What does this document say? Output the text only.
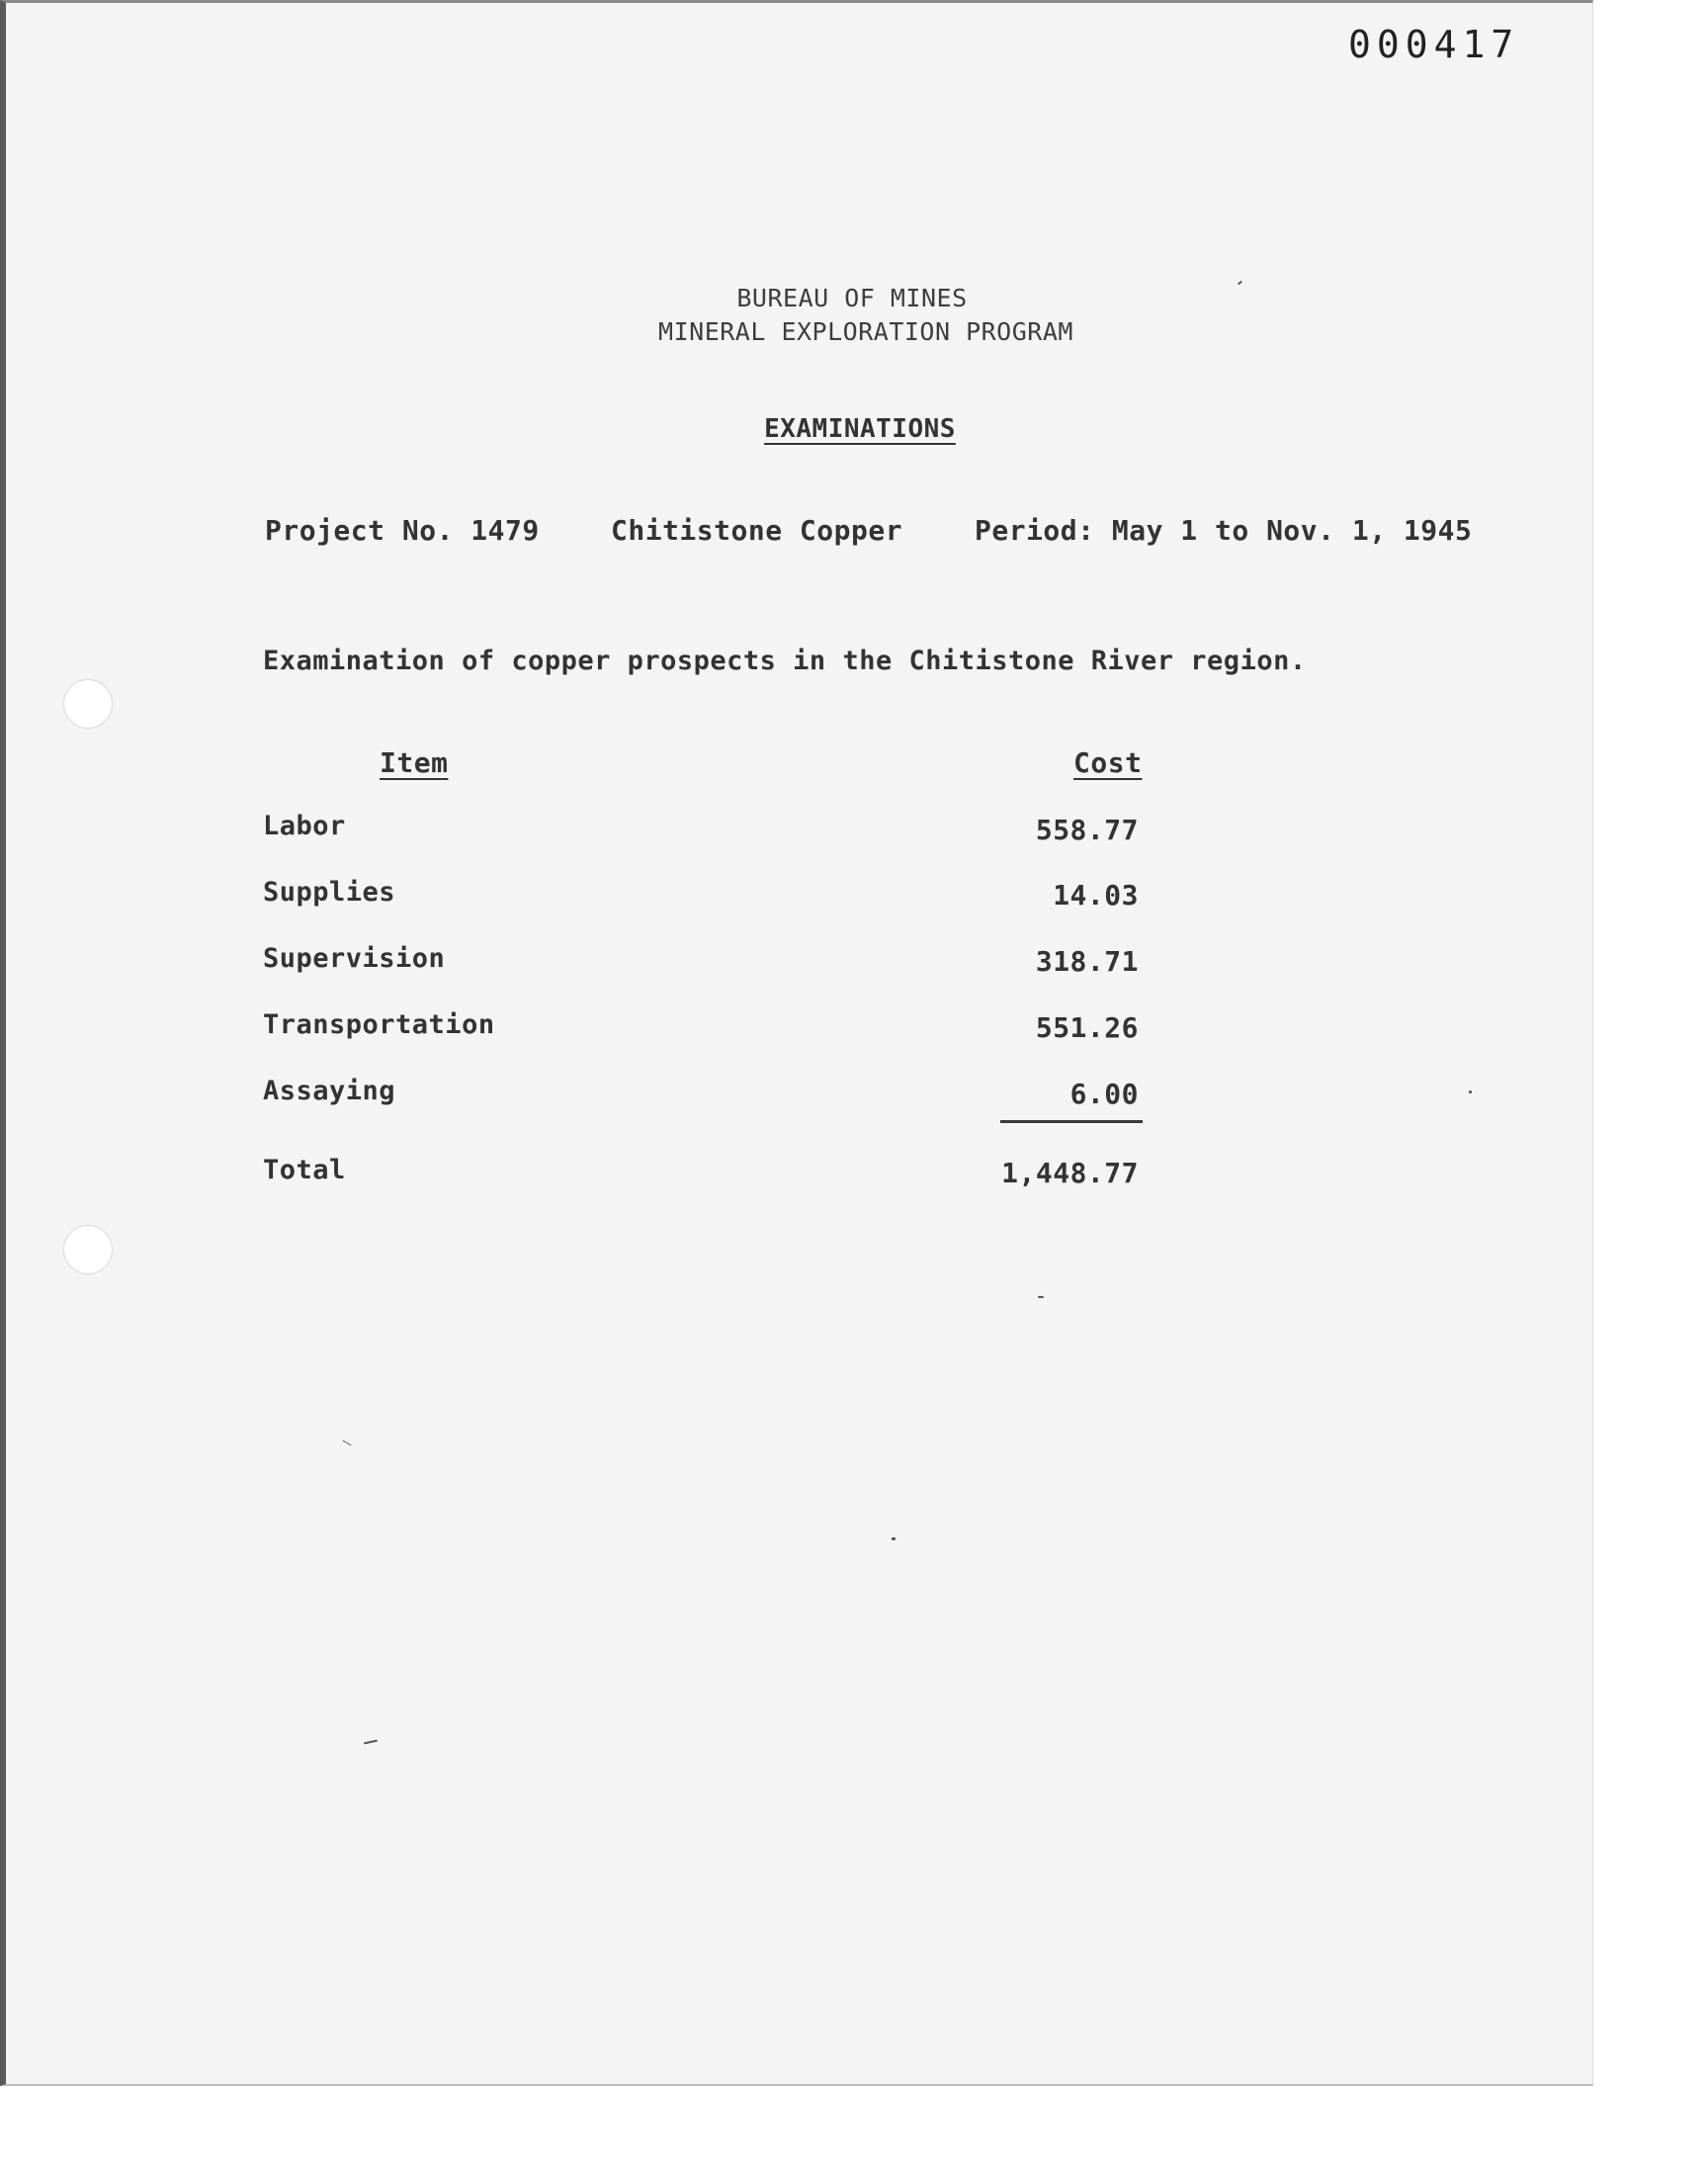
000417
BUREAU OF MINES
MINERAL EXPLORATION PROGRAM
EXAMINATIONS
Project No. 1479	Chitistone Copper	Period: May 1 to Nov. 1, 1945
Examination of copper prospects in the Chitistone River region.
Item	Cost
Labor	558.77
Supplies	14.03
Supervision	318.71
Transportation	551.26
Assaying	6.00
Total	1,448.77
